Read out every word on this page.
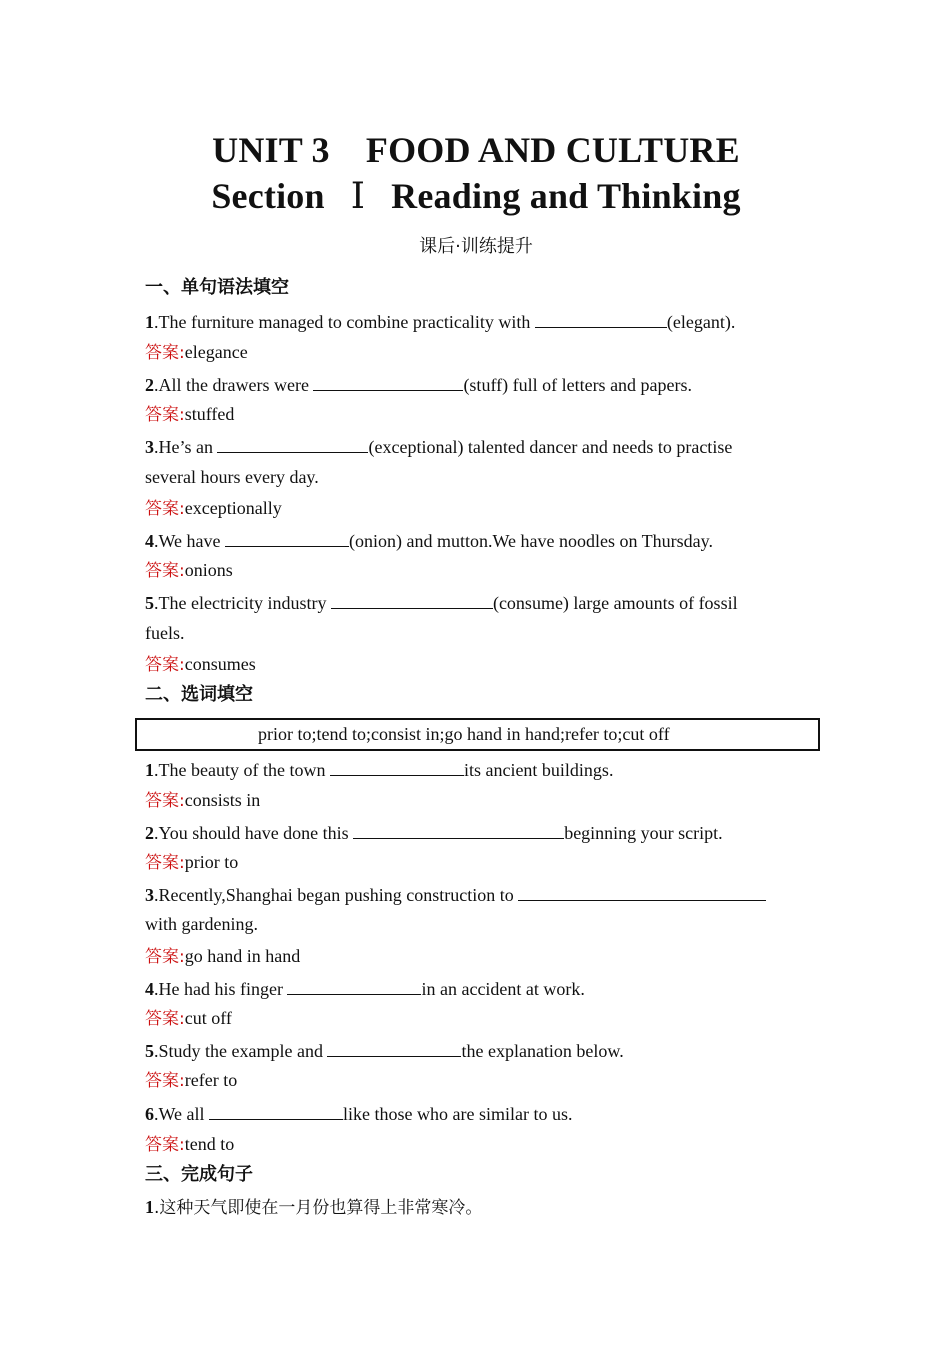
UNIT 3　FOOD AND CULTURE
Section Ⅰ Reading and Thinking
课后·训练提升
一、单句语法填空
1.The furniture managed to combine practicality with	(elegant).
答案:elegance
2.All the drawers were	(stuff) full of letters and papers.
答案:stuffed
3.He’s an	(exceptional) talented dancer and needs to practise
several hours every day.
答案:exceptionally
4.We have	(onion) and mutton.We have noodles on Thursday.
答案:onions
5.The electricity industry	(consume) large amounts of fossil
fuels.
答案:consumes
二、选词填空
prior to;tend to;consist in;go hand in hand;refer to;cut off
1.The beauty of the town	its ancient buildings.
答案:consists in
2.You should have done this	beginning your script.
答案:prior to
3.Recently,Shanghai began pushing construction to
with gardening.
答案:go hand in hand
4.He had his finger	in an accident at work.
答案:cut off
5.Study the example and	the explanation below.
答案:refer to
6.We all	like those who are similar to us.
答案:tend to
三、完成句子
1.这种天气即使在一月份也算得上非常寒冷。
